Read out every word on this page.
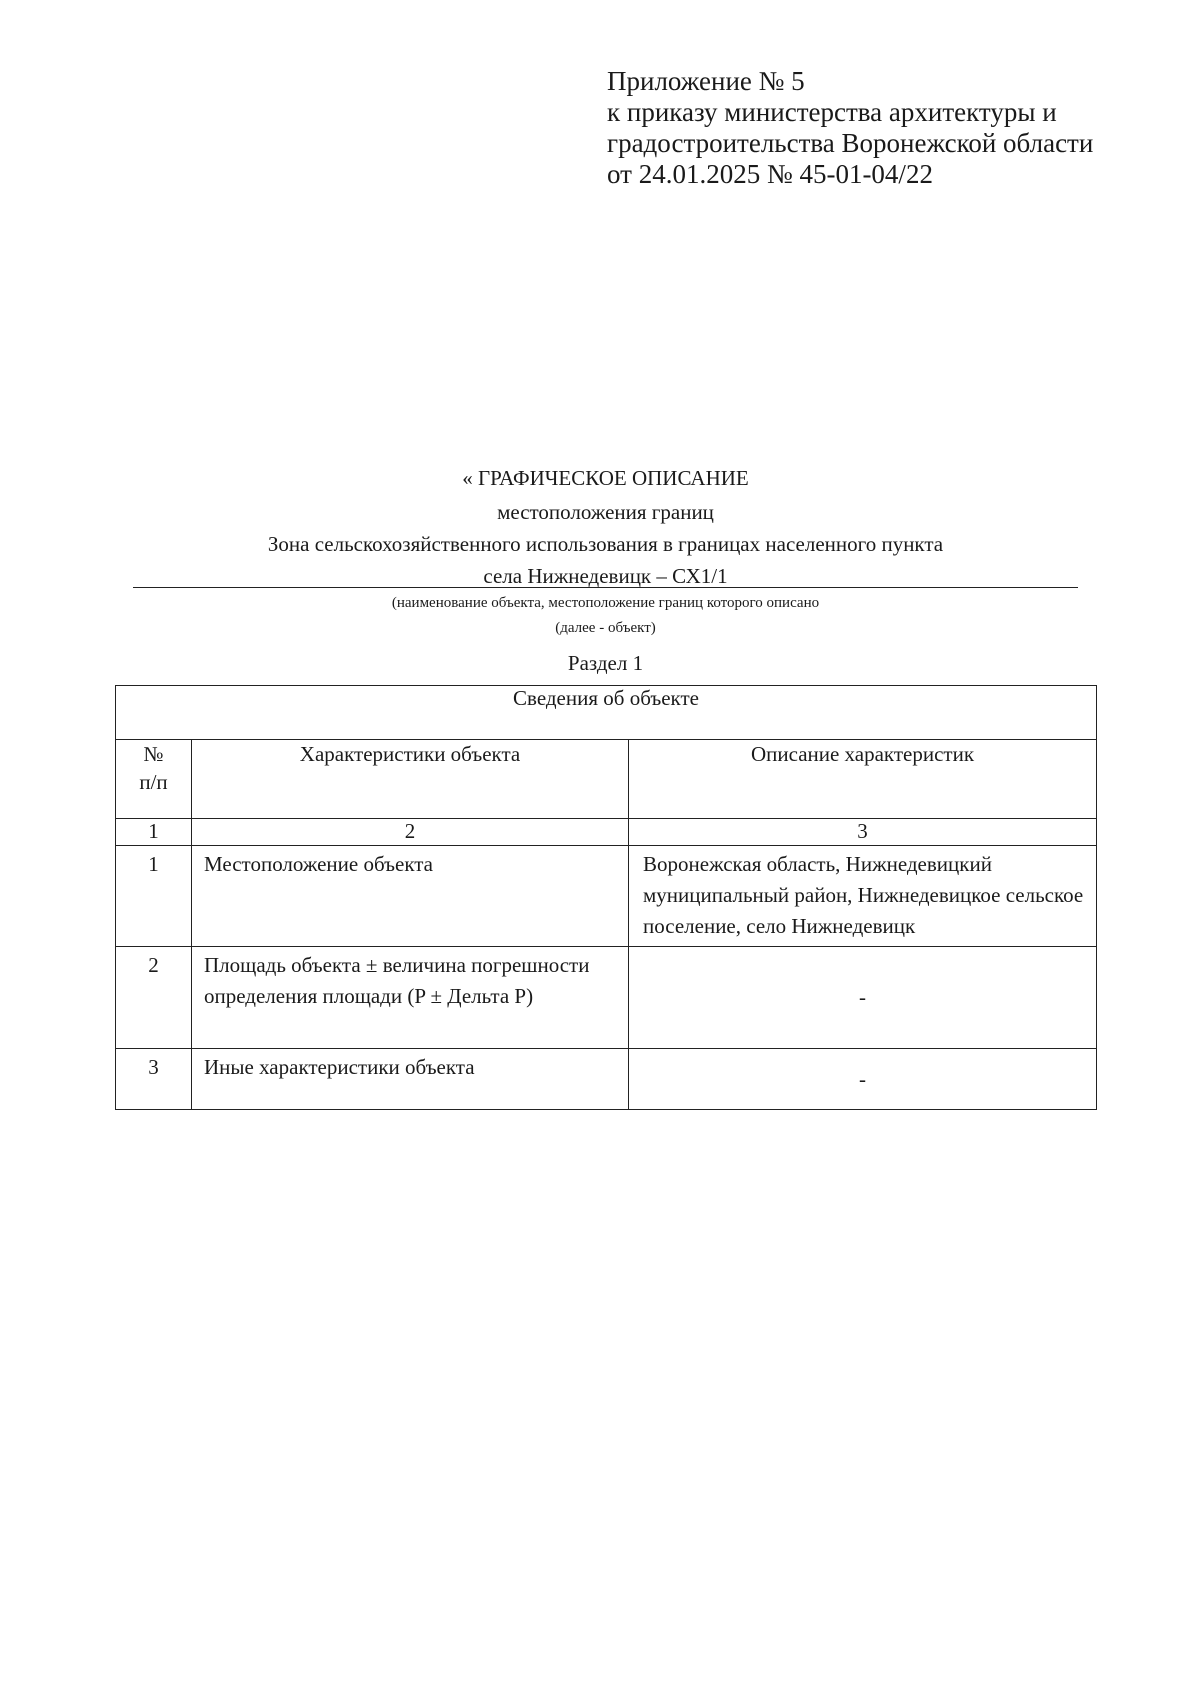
Приложение № 5
к приказу министерства архитектуры и
градостроительства Воронежской области
от 24.01.2025 № 45-01-04/22
« ГРАФИЧЕСКОЕ ОПИСАНИЕ
местоположения границ
Зона сельскохозяйственного использования в границах населенного пункта
села Нижнедевицк – СХ1/1
(наименование объекта, местоположение границ которого описано
(далее - объект)
Раздел 1
Сведения об объекте		
№ п/п	Характеристики объекта	Описание характеристик
1	2	3
1	Местоположение объекта	Воронежская область, Нижнедевицкий муниципальный район, Нижнедевицкое сельское поселение, село Нижнедевицк
2	Площадь объекта ± величина погрешности определения площади (P ± Дельта P)	-
3	Иные характеристики объекта	-
